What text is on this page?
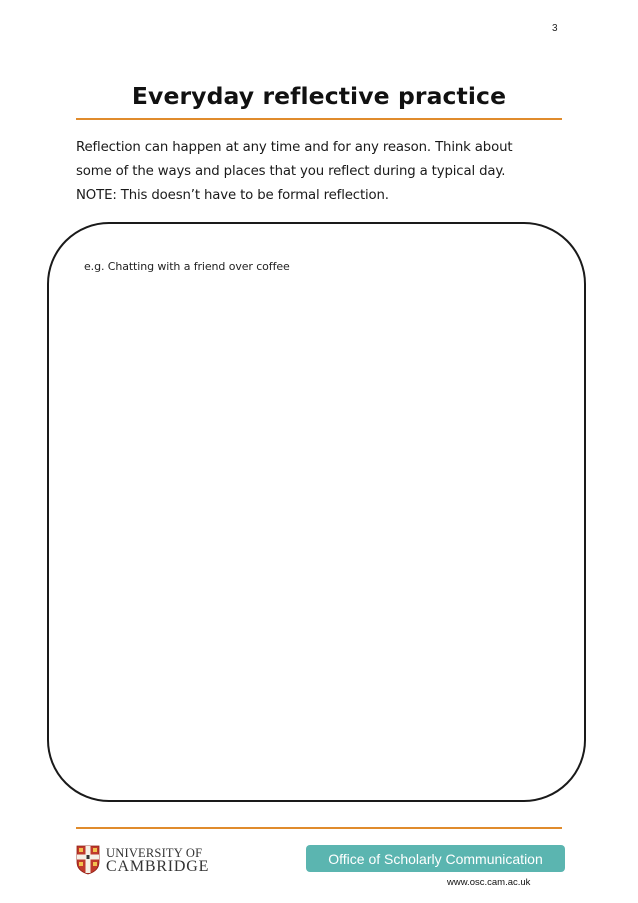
3
Everyday reflective practice

Reflection can happen at any time and for any reason. Think about

some of the ways and places that you reflect during a typical day.

NOTE: This doesn’t have to be formal reflection.

e.g. Chatting with a friend over coffee
UNIVERSITY OF
CAMBRIDGE	Office of Scholarly Communication
www.osc.cam.ac.uk
